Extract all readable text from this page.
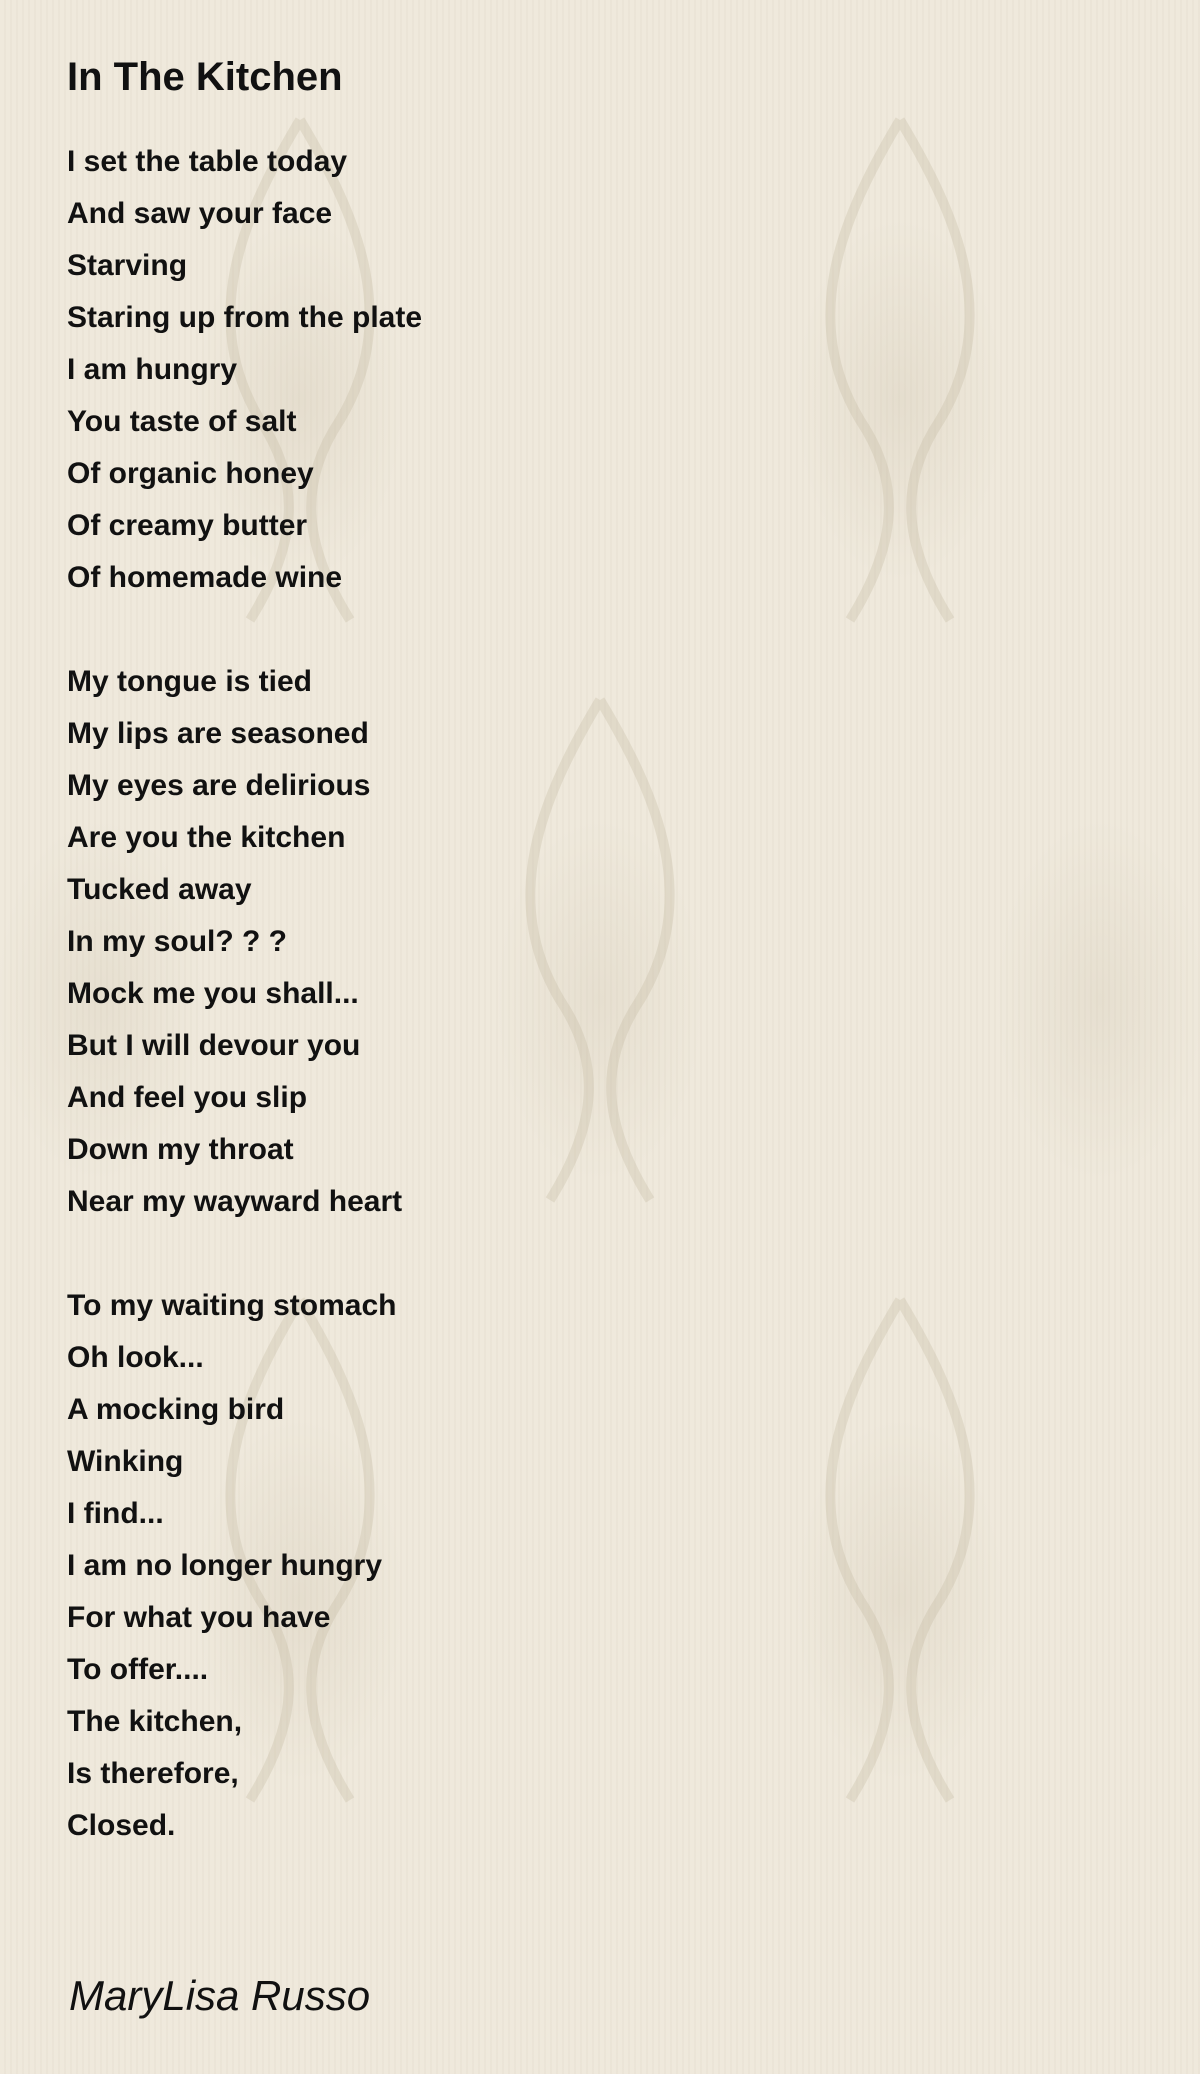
In The Kitchen
I set the table today
And saw your face
Starving
Staring up from the plate
I am hungry
You taste of salt
Of organic honey
Of creamy butter
Of homemade wine
My tongue is tied
My lips are seasoned
My eyes are delirious
Are you the kitchen
Tucked away
In my soul? ? ?
Mock me you shall...
But I will devour you
And feel you slip
Down my throat
Near my wayward heart
To my waiting stomach
Oh look...
A mocking bird
Winking
I find...
I am no longer hungry
For what you have
To offer....
The kitchen,
Is therefore,
Closed.
MaryLisa Russo
